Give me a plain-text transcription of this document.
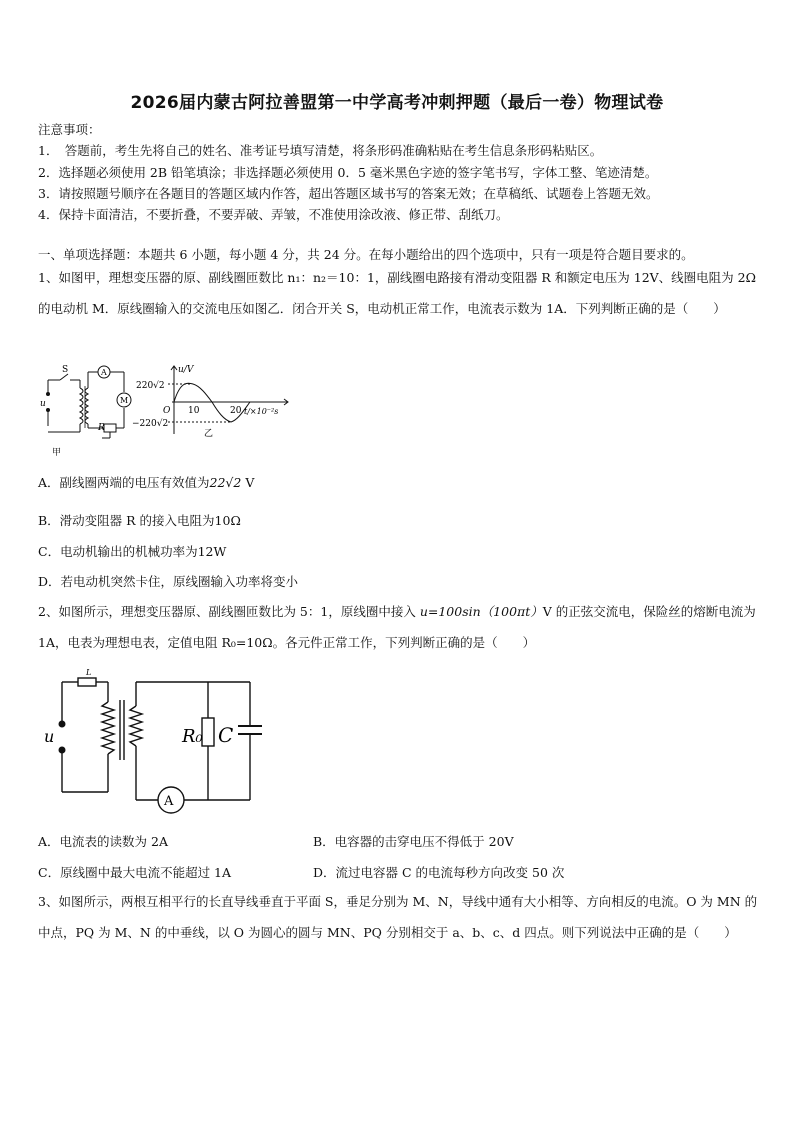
2026届内蒙古阿拉善盟第一中学高考冲刺押题（最后一卷）物理试卷
注意事项：
1．　答题前，考生先将自己的姓名、准考证号填写清楚，将条形码准确粘贴在考生信息条形码粘贴区。
2．选择题必须使用 2B 铅笔填涂；非选择题必须使用 0．5 毫米黑色字迹的签字笔书写，字体工整、笔迹清楚。
3．请按照题号顺序在各题目的答题区域内作答，超出答题区域书写的答案无效；在草稿纸、试题卷上答题无效。
4．保持卡面清洁，不要折叠，不要弄破、弄皱，不准使用涂改液、修正带、刮纸刀。
一、单项选择题：本题共 6 小题，每小题 4 分，共 24 分。在每小题给出的四个选项中，只有一项是符合题目要求的。
1、如图甲，理想变压器的原、副线圈匝数比 n₁：n₂＝10：1，副线圈电路接有滑动变阻器 R 和额定电压为 12V、线圈电阻为 2Ω 的电动机 M．原线圈输入的交流电压如图乙．闭合开关 S，电动机正常工作，电流表示数为 1A．下列判断正确的是（　　）
S	A
M
R
u
甲
u/V
220√2
−220√2
O 10	20 t/×10⁻²s
乙
A．副线圈两端的电压有效值为22√2 V
B．滑动变阻器 R 的接入电阻为10Ω
C．电动机输出的机械功率为12W
D．若电动机突然卡住，原线圈输入功率将变小
2、如图所示，理想变压器原、副线圈匝数比为 5：1，原线圈中接入 u=100sin（100πt）V 的正弦交流电，保险丝的熔断电流为 1A，电表为理想电表，定值电阻 R₀=10Ω。各元件正常工作，下列判断正确的是（　　）
L
u	R₀ C
A
A．电流表的读数为 2A	B．电容器的击穿电压不得低于 20V
C．原线圈中最大电流不能超过 1A	D．流过电容器 C 的电流每秒方向改变 50 次
3、如图所示，两根互相平行的长直导线垂直于平面 S，垂足分别为 M、N，导线中通有大小相等、方向相反的电流。O 为 MN 的中点，PQ 为 M、N 的中垂线，以 O 为圆心的圆与 MN、PQ 分别相交于 a、b、c、d 四点。则下列说法中正确的是（　　）
